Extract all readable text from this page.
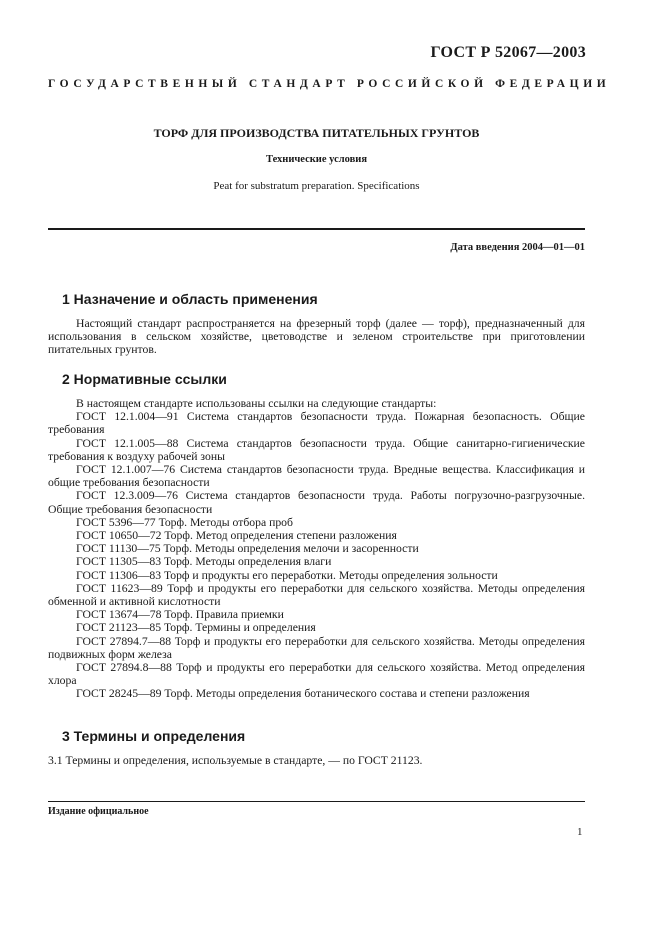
ГОСТ Р 52067—2003
ГОСУДАРСТВЕННЫЙ СТАНДАРТ РОССИЙСКОЙ ФЕДЕРАЦИИ
ТОРФ ДЛЯ ПРОИЗВОДСТВА ПИТАТЕЛЬНЫХ ГРУНТОВ
Технические условия
Peat for substratum preparation. Specifications
Дата введения 2004—01—01
1 Назначение и область применения

Настоящий стандарт распространяется на фрезерный торф (далее — торф), предназначенный для использования в сельском хозяйстве, цветоводстве и зеленом строительстве при приготовлении питательных грунтов.

2 Нормативные ссылки

В настоящем стандарте использованы ссылки на следующие стандарты:

ГОСТ 12.1.004—91 Система стандартов безопасности труда. Пожарная безопасность. Общие требования

ГОСТ 12.1.005—88 Система стандартов безопасности труда. Общие санитарно-гигиенические требования к воздуху рабочей зоны

ГОСТ 12.1.007—76 Система стандартов безопасности труда. Вредные вещества. Классификация и общие требования безопасности

ГОСТ 12.3.009—76 Система стандартов безопасности труда. Работы погрузочно-разгрузочные. Общие требования безопасности

ГОСТ 5396—77 Торф. Методы отбора проб

ГОСТ 10650—72 Торф. Метод определения степени разложения

ГОСТ 11130—75 Торф. Методы определения мелочи и засоренности

ГОСТ 11305—83 Торф. Методы определения влаги

ГОСТ 11306—83 Торф и продукты его переработки. Методы определения зольности

ГОСТ 11623—89 Торф и продукты его переработки для сельского хозяйства. Методы определения обменной и активной кислотности

ГОСТ 13674—78 Торф. Правила приемки

ГОСТ 21123—85 Торф. Термины и определения

ГОСТ 27894.7—88 Торф и продукты его переработки для сельского хозяйства. Методы определения подвижных форм железа

ГОСТ 27894.8—88 Торф и продукты его переработки для сельского хозяйства. Метод определения хлора

ГОСТ 28245—89 Торф. Методы определения ботанического состава и степени разложения

3 Термины и определения

3.1 Термины и определения, используемые в стандарте, — по ГОСТ 21123.

Издание официальное
1
